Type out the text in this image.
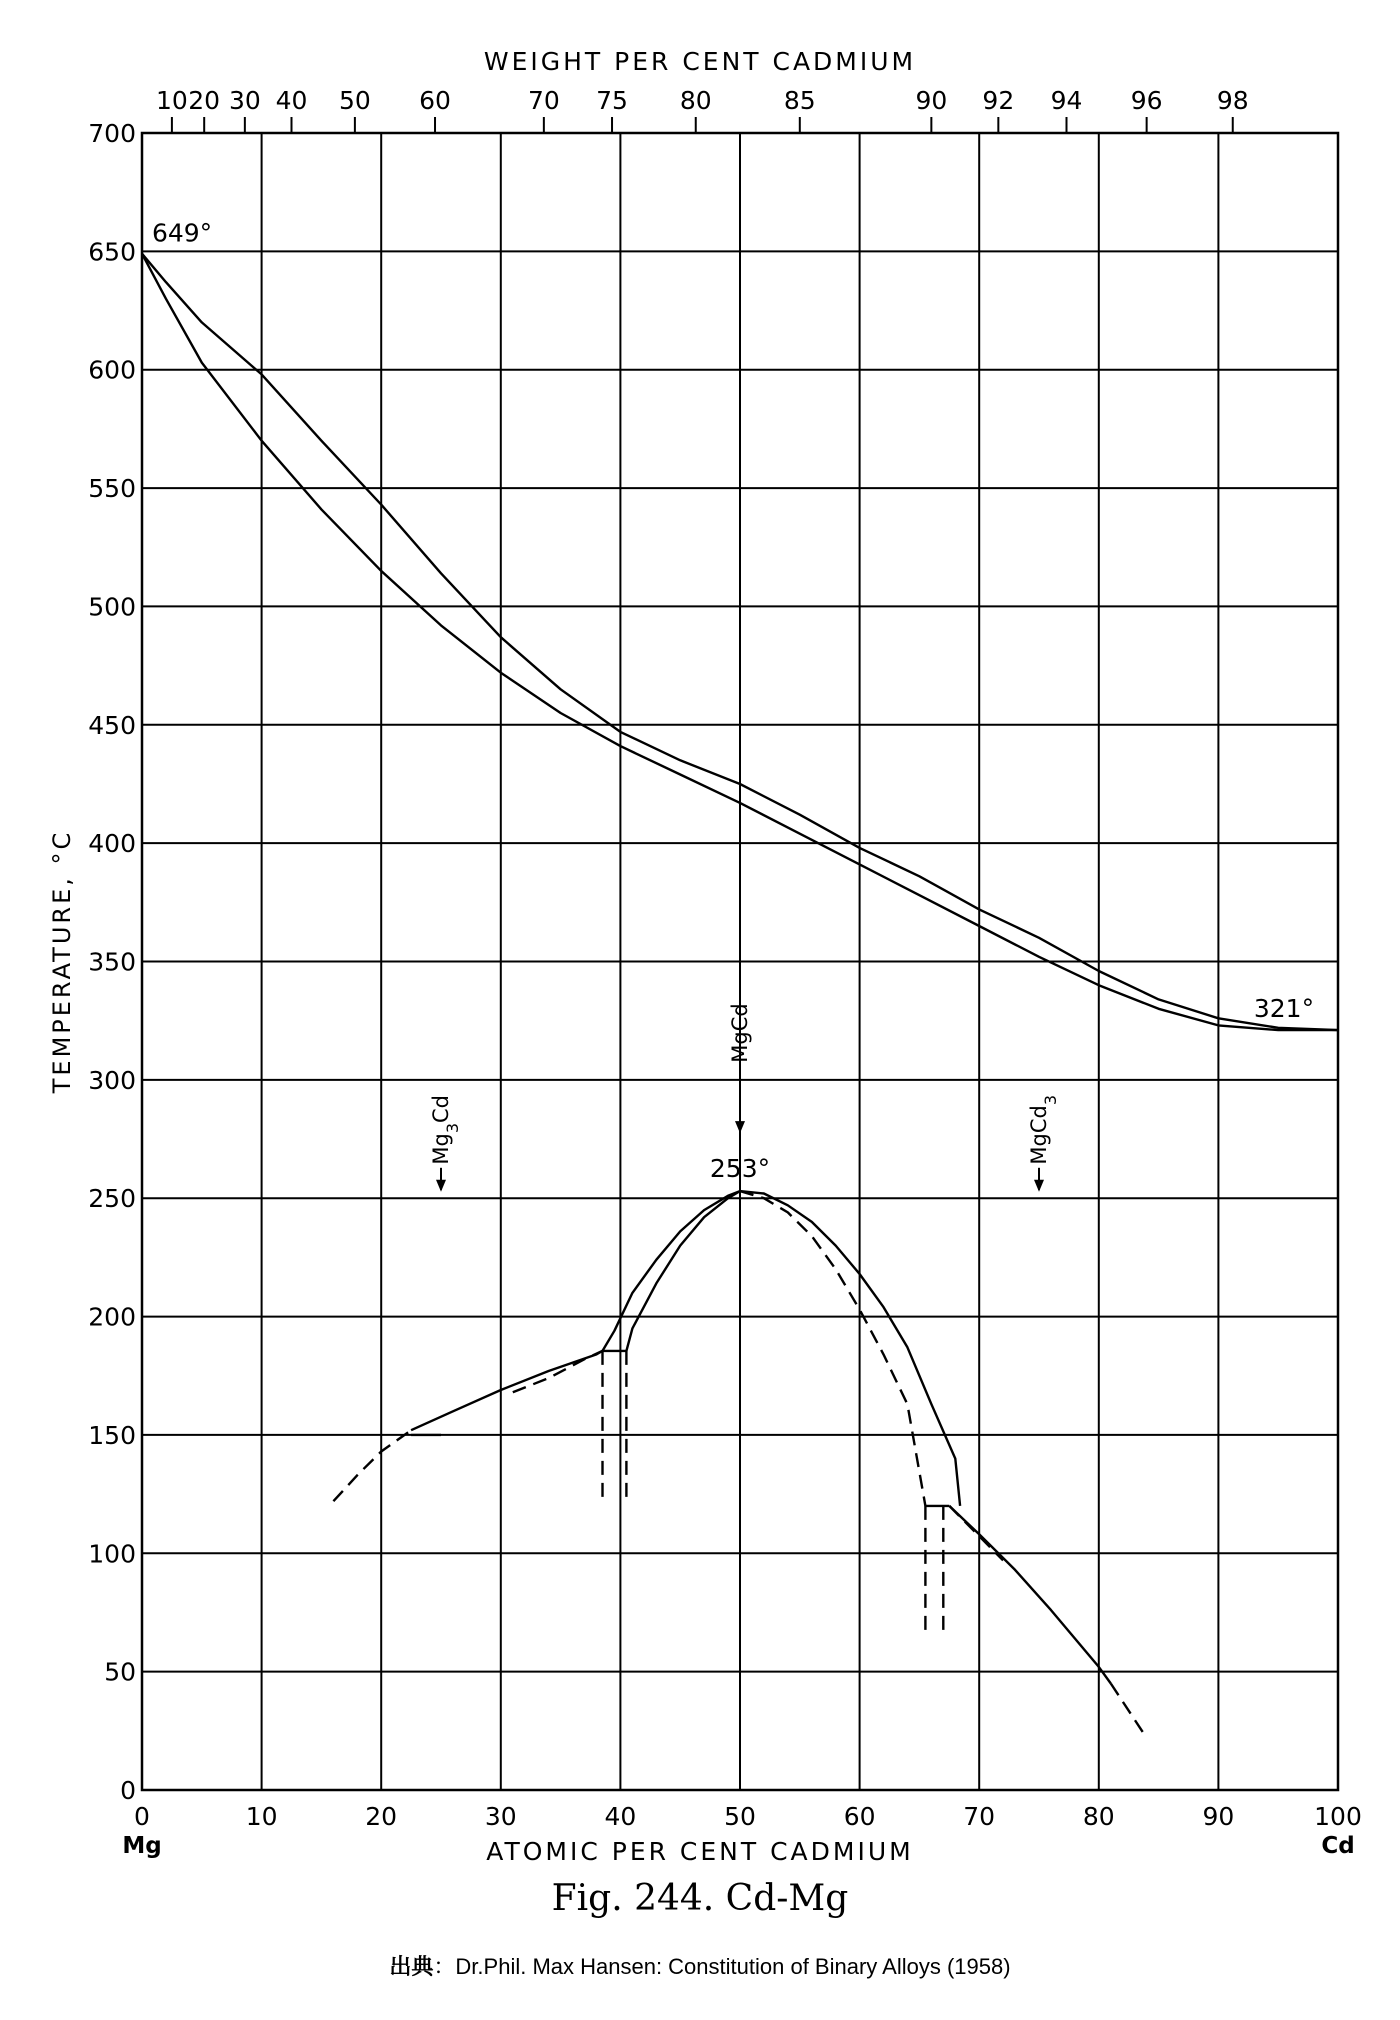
0	10	20	30	40	50	60	70	80	90	100
Mg	Cd
ATOMIC PER CENT CADMIUM
0
50
100
150
200
250
300
350
400
450
500
550
600
650
700
TEMPERATURE, °C
WEIGHT PER CENT CADMIUM
10 20 30 40 50 60	70 75 80	85	90 92 94 96 98
649°
321°
253°
$Mg_3Cd$
MgCd
MgCd$_3$
Fig. 244. Cd-Mg
出典：Dr.Phil. Max Hansen: Constitution of Binary Alloys (1958)
